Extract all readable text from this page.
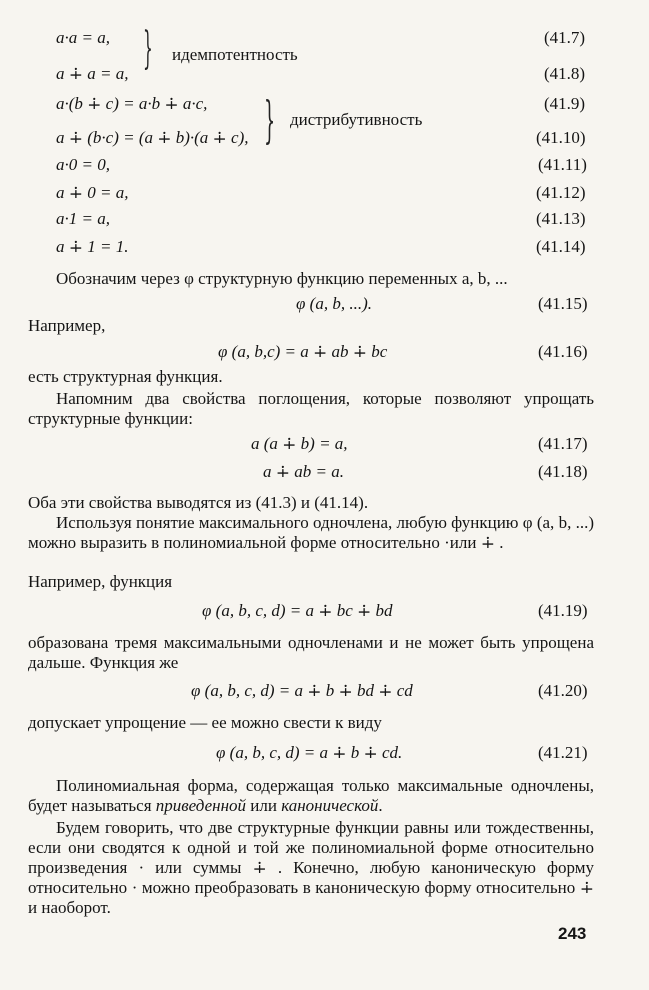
a·a = a,	(41.7)
a ∔ a = a,	(41.8)
} идемпотентность
a·(b ∔ c) = a·b ∔ a·c,	(41.9)
a ∔ (b·c) = (a ∔ b)·(a ∔ c),	(41.10)
} дистрибутивность
a·0 = 0,	(41.11)
a ∔ 0 = a,	(41.12)
a·1 = a,	(41.13)
a ∔ 1 = 1.	(41.14)
Обозначим через φ структурную функцию переменных a, b, ...
φ (a, b, ...).	(41.15)
Например,
φ (a, b,c) = a ∔ ab ∔ bc	(41.16)
есть структурная функция.
Напомним два свойства поглощения, которые позволяют упрощать структурные функции:
a (a ∔ b) = a,	(41.17)
a ∔ ab = a.	(41.18)
Оба эти свойства выводятся из (41.3) и (41.14).
Используя понятие максимального одночлена, любую функцию φ (a, b, ...) можно выразить в полиномиальной форме относительно ·или ∔ .
Например, функция
φ (a, b, c, d) = a ∔ bc ∔ bd	(41.19)
образована тремя максимальными одночленами и не может быть упрощена дальше. Функция же
φ (a, b, c, d) = a ∔ b ∔ bd ∔ cd	(41.20)
допускает упрощение — ее можно свести к виду
φ (a, b, c, d) = a ∔ b ∔ cd.	(41.21)
Полиномиальная форма, содержащая только максимальные одночлены, будет называться приведенной или канонической.
Будем говорить, что две структурные функции равны или тождественны, если они сводятся к одной и той же полиномиальной форме относительно произведения · или суммы ∔ . Конечно, любую каноническую форму относительно · можно преобразовать в каноническую форму относительно ∔ и наоборот.
243
